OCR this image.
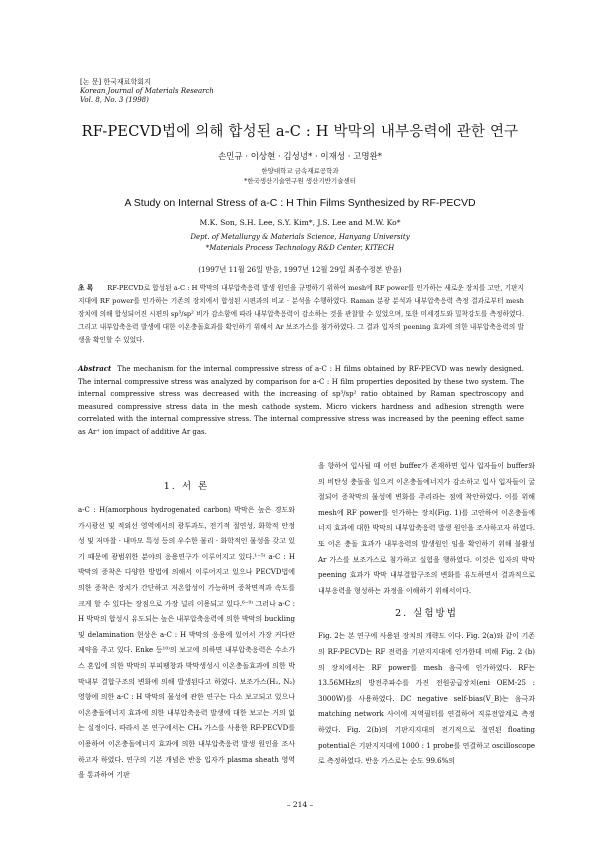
[논 문] 한국재료학회지
Korean Journal of Materials Research
Vol. 8, No. 3 (1998)
RF-PECVD법에 의해 합성된 a-C : H 박막의 내부응력에 관한 연구
손민규 · 이상현 · 김성녕* · 이재성 · 고명완*
한양대학교 금속재료공학과
*한국생산기술연구원 생산기반기술센터
A Study on Internal Stress of a-C : H Thin Films Synthesized by RF-PECVD
M.K. Son, S.H. Lee, S.Y. Kim*, J.S. Lee and M.W. Ko*
Dept. of Metallurgy & Materials Science, Hanyang University
*Materials Process Technology R&D Center, KITECH
(1997년 11월 26일 받음, 1997년 12월 29일 최종수정본 받음)
초 록 RF-PECVD로 합성된 a-C : H 박막의 내부압축응력 발생 원인을 규명하기 위하여 mesh에 RF power를 인가하는 새로운 장치를 고안, 기판지지대에 RF power를 인가하는 기존의 장치에서 합성된 시편과의 비교 · 분석을 수행하였다. Raman 분광 분석과 내부압축응력 측정 결과로부터 mesh 장치에 의해 합성되어진 시편의 sp³/sp² 비가 감소함에 따라 내부압축응력이 감소하는 것을 관찰할 수 있었으며, 또한 미세경도와 밀착강도를 측정하였다. 그리고 내부압축응력 발생에 대한 이온충돌효과를 확인하기 위해서 Ar 보조가스를 첨가하였다. 그 결과 입자의 peening 효과에 의한 내부압축응력의 발생을 확인할 수 있었다.
Abstract The mechanism for the internal compressive stress of a-C : H films obtained by RF-PECVD was newly designed. The internal compressive stress was analyzed by comparison for a-C : H film properties deposited by these two system. The internal compressive stress was decreased with the increasing of sp³/sp² ratio obtained by Raman spectroscopy and measured compressive stress data in the mesh cathode system. Micro vickers hardness and adhesion strength were correlated with the internal compressive stress. The internal compressive stress was increased by the peening effect same as Ar⁺ ion impact of additive Ar gas.
1. 서 론

a-C : H(amorphous hydrogenated carbon) 박막은 높은 경도와 가시광선 및 적외선 영역에서의 광투과도, 전기적 절연성, 화학적 안정성 및 저마찰 · 내마모 특성 등의 우수한 물리 · 화학적인 물성을 갖고 있기 때문에 광범위한 분야의 응용연구가 이루어지고 있다.¹⁻⁵⁾ a-C : H 박막의 증착은 다양한 방법에 의해서 이루어지고 있으나 PECVD법에 의한 증착은 장치가 간단하고 저온합성이 가능하며 증착면적과 속도를 크게 할 수 있다는 장점으로 가장 널리 이용되고 있다.⁶⁻⁹⁾ 그러나 a-C : H 박막의 합성시 유도되는 높은 내부압축응력에 의한 박막의 buckling 및 delamination 현상은 a-C : H 박막의 응용에 있어서 가장 커다란 제약을 주고 있다. Enke 등¹⁰⁾의 보고에 의하면 내부압축응력은 수소가스 혼입에 의한 박막의 부피팽창과 박막생성시 이온충돌효과에 의한 박막내부 결합구조의 변화에 의해 발생된다고 하였다. 보조가스(H₂, N₂) 영향에 의한 a-C : H 박막의 물성에 관한 연구는 다소 보고되고 있으나 이온충돌에너지 효과에 의한 내부압축응력 발생에 대한 보고는 거의 없는 실정이다. 따라서 본 연구에서는 CH₄ 가스를 사용한 RF-PECVD를 이용하여 이온충돌에너지 효과에 의한 내부압축응력 발생 원인을 조사하고자 하였다. 연구의 기본 개념은 반응 입자가 plasma sheath 영역을 통과하여 기판

을 향하여 입사될 때 어떤 buffer가 존재하면 입사 입자들이 buffer와의 비탄성 충돌을 일으켜 이온충돌에너지가 감소하고 입사 입자들이 굴절되어 증착막의 물성에 변화를 주리라는 점에 착안하였다. 이를 위해 mesh에 RF power를 인가하는 장치(Fig. 1)를 고안하여 이온충돌에너지 효과에 대한 박막의 내부압축응력 발생 원인을 조사하고자 하였다. 또 이온 충돌 효과가 내부응력의 발생원인 임을 확인하기 위해 불활성 Ar 가스를 보조가스로 첨가하고 실험을 행하였다. 이것은 입자의 박막 peening 효과가 박막 내부결합구조의 변화를 유도하면서 결과적으로 내부응력을 형성하는 과정을 이해하기 위해서이다.

2. 실험방법

Fig. 2는 본 연구에 사용된 장치의 개략도 이다. Fig. 2(a)와 같이 기존의 RF-PECVD는 RF 전력을 기판지지대에 인가한데 비해 Fig. 2 (b)의 장치에서는 RF power를 mesh 음극에 인가하였다. RF는 13.56MHz의 방전주파수를 가진 전원공급장치(eni OEM-25 : 3000W)를 사용하였다. DC negative self-bias(V_B)는 음극과 matching network 사이에 저역필터를 연결하여 직류전압계로 측정하였다. Fig. 2(b)의 기판지지대의 전기적으로 절연된 floating potential은 기판지지대에 1000 : 1 probe를 연결하고 oscilloscope로 측정하였다. 반응 가스로는 순도 99.6%의

– 214 –
